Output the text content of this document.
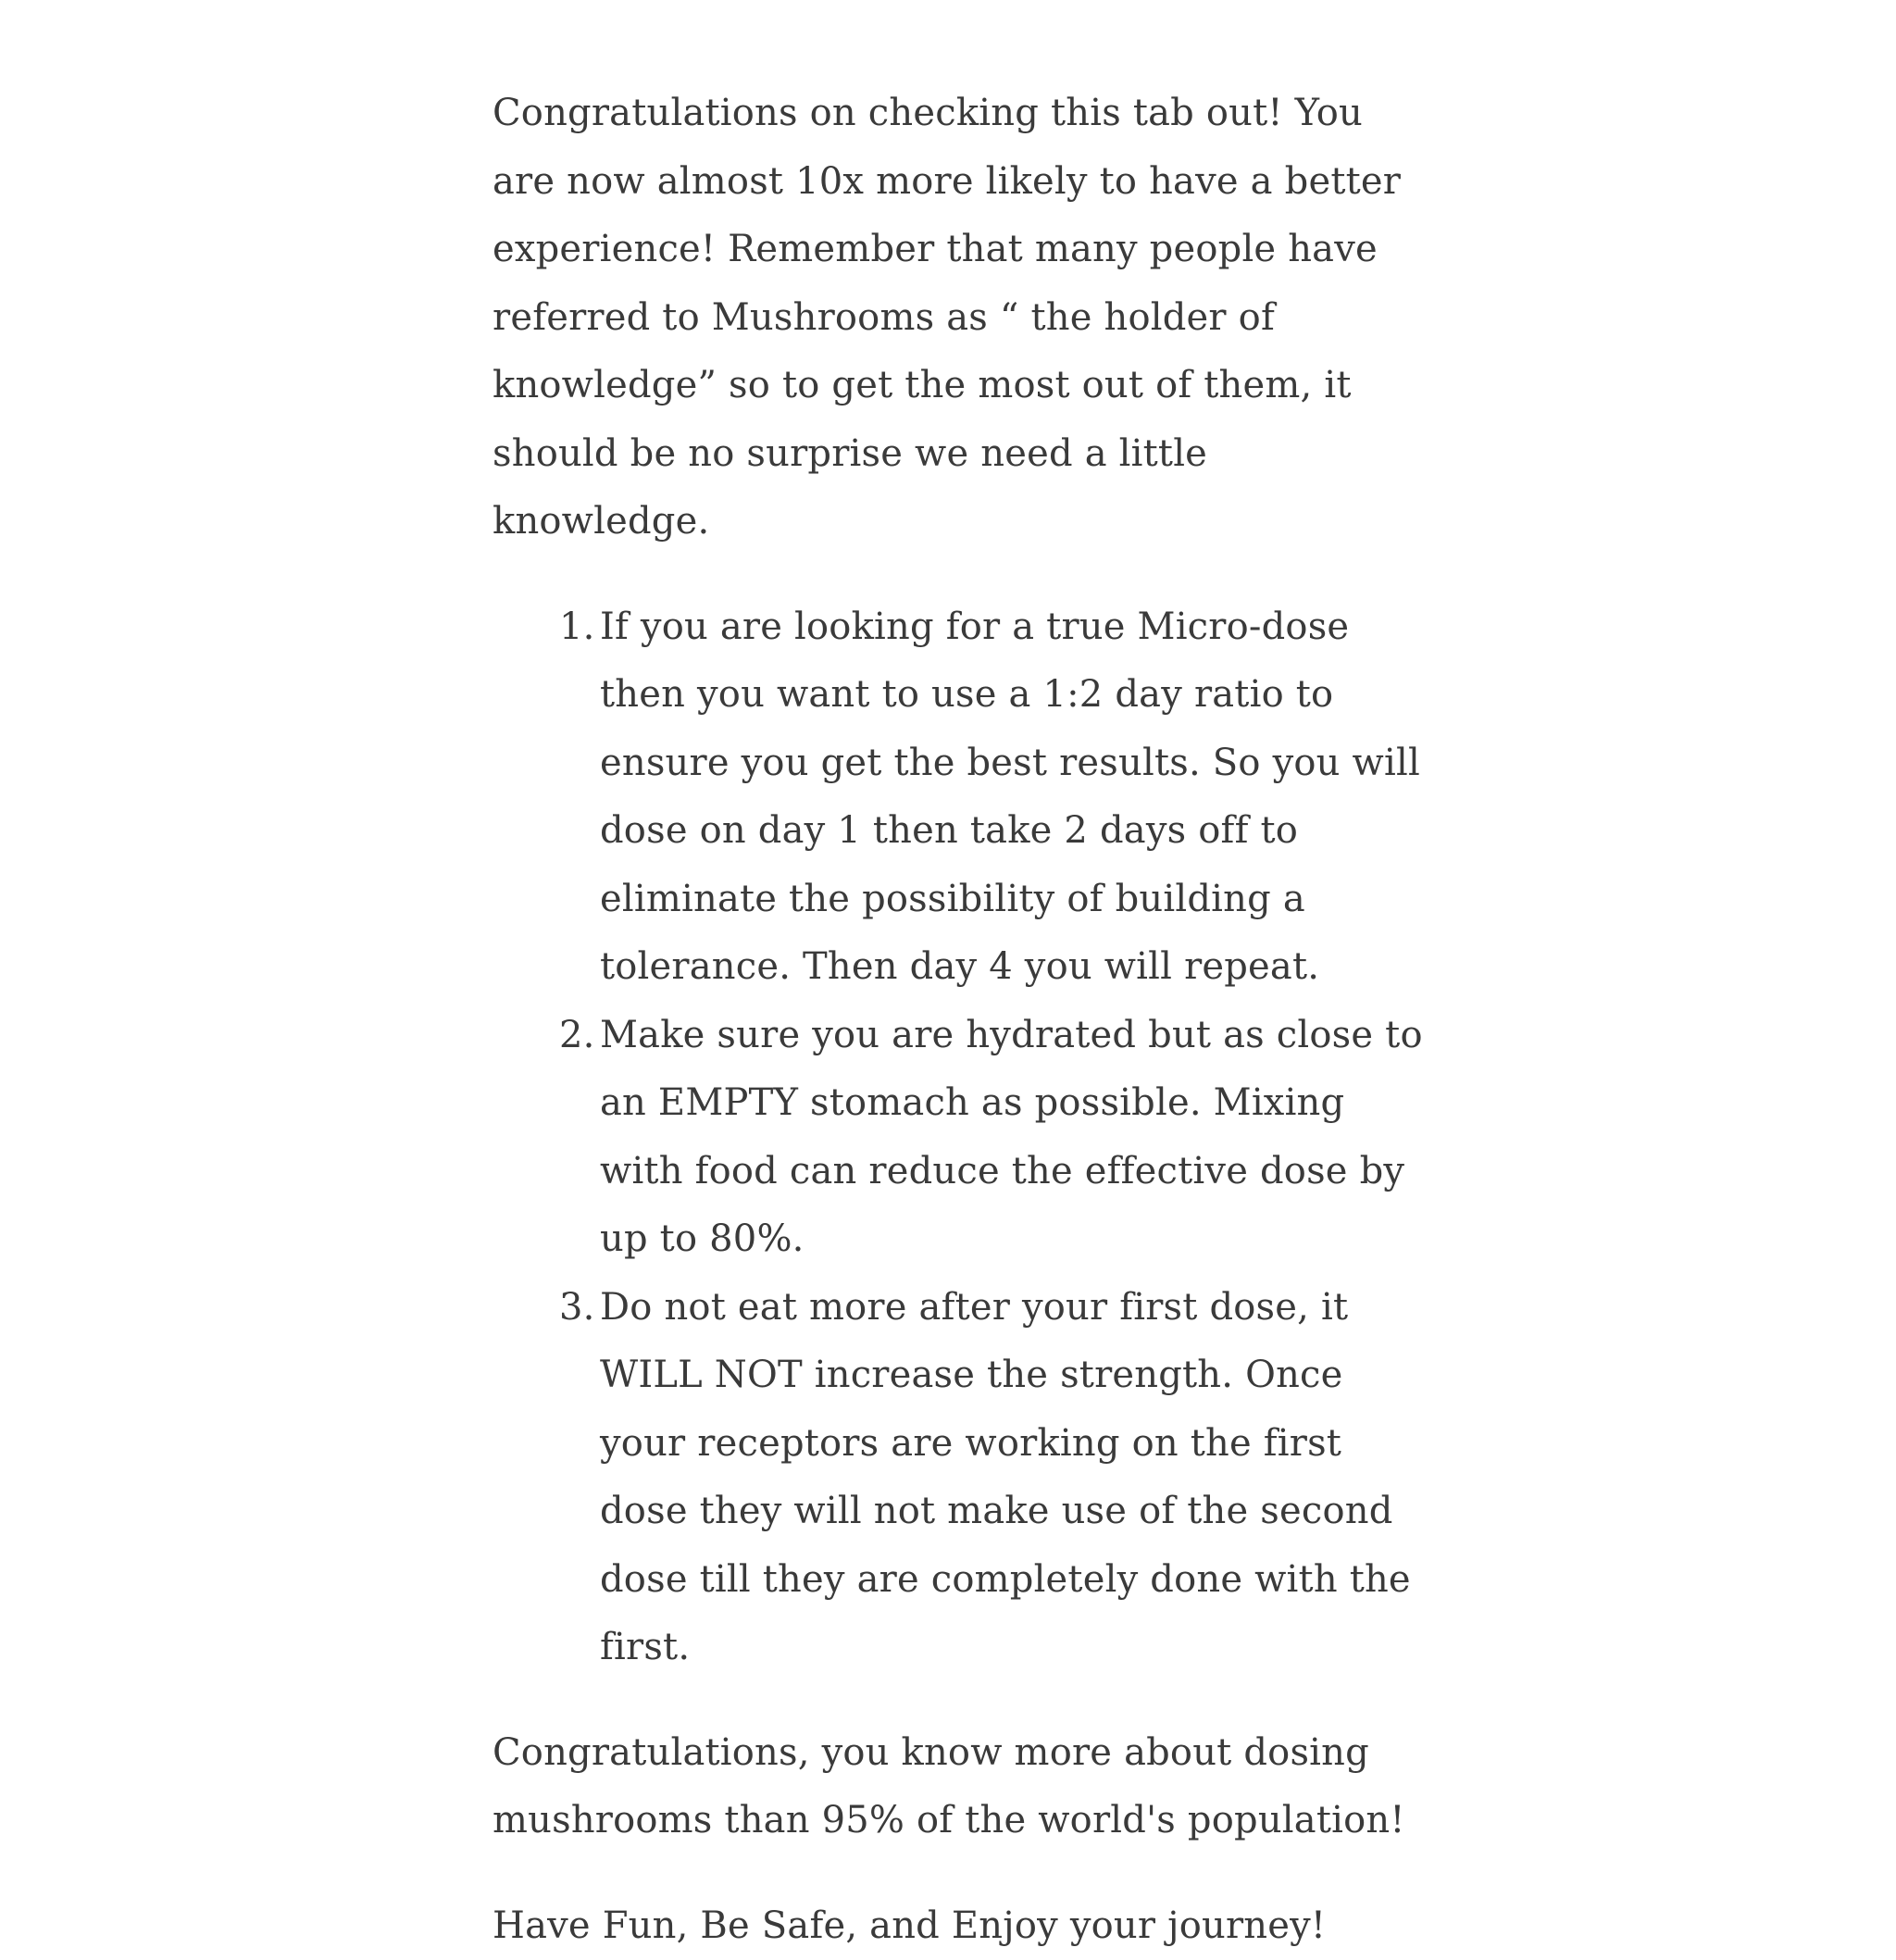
Congratulations on checking this tab out! You are now almost 10x more likely to have a better experience! Remember that many people have referred to Mushrooms as “ the holder of knowledge” so to get the most out of them, it should be no surprise we need a little knowledge.

If you are looking for a true Micro-dose then you want to use a 1:2 day ratio to ensure you get the best results. So you will dose on day 1 then take 2 days off to eliminate the possibility of building a tolerance. Then day 4 you will repeat.
Make sure you are hydrated but as close to an EMPTY stomach as possible. Mixing with food can reduce the effective dose by up to 80%.
Do not eat more after your first dose, it WILL NOT increase the strength. Once your receptors are working on the first dose they will not make use of the second dose till they are completely done with the first.

Congratulations, you know more about dosing mushrooms than 95% of the world's population!

Have Fun, Be Safe, and Enjoy your journey!
